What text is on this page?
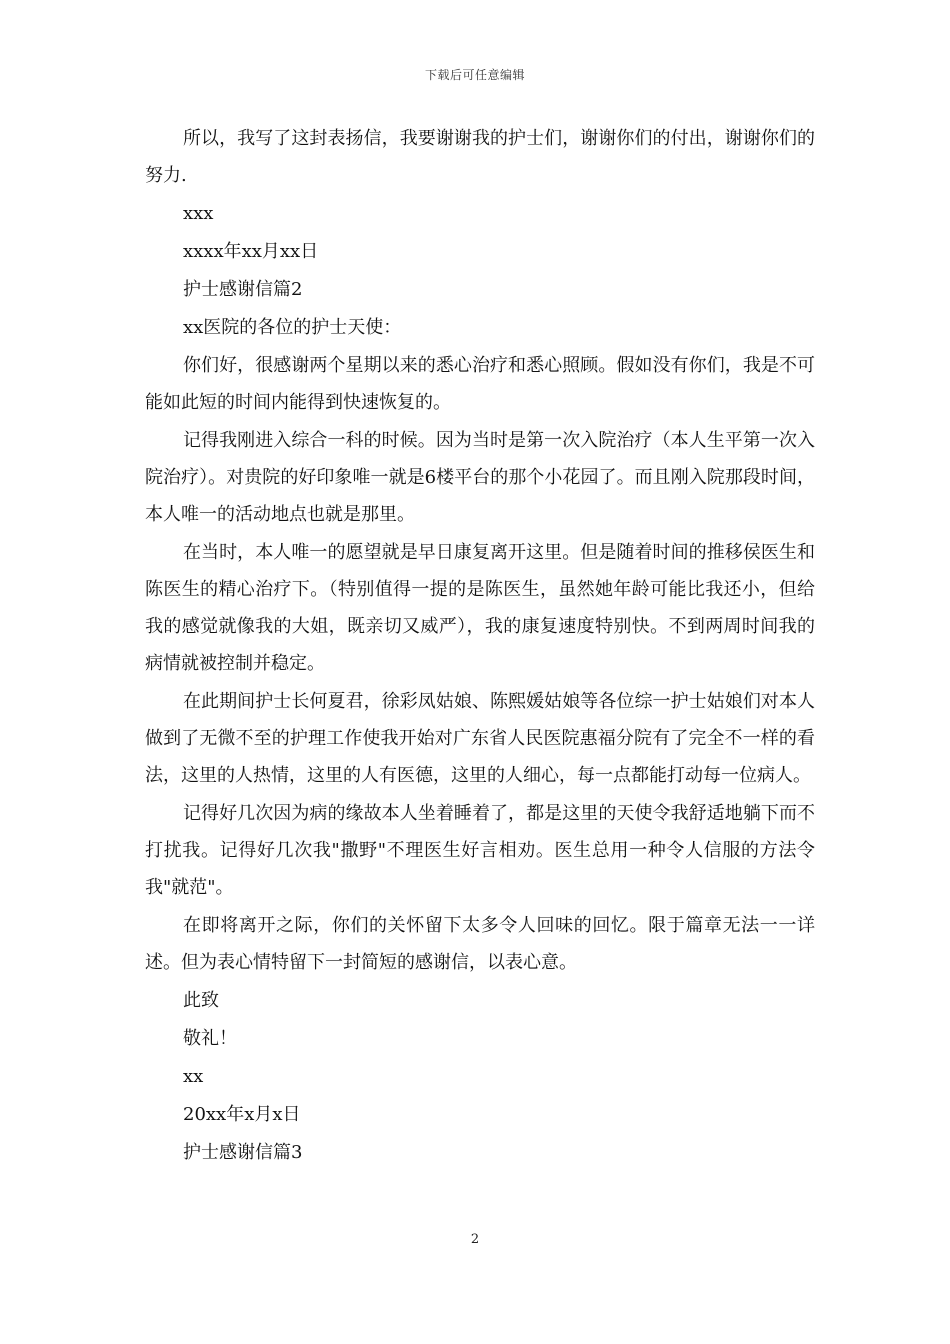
下载后可任意编辑

所以，我写了这封表扬信，我要谢谢我的护士们，谢谢你们的付出，谢谢你们的努力.

xxx

xxxx年xx月xx日

护士感谢信篇2

xx医院的各位的护士天使：

你们好，很感谢两个星期以来的悉心治疗和悉心照顾。假如没有你们，我是不可能如此短的时间内能得到快速恢复的。

记得我刚进入综合一科的时候。因为当时是第一次入院治疗（本人生平第一次入院治疗）。对贵院的好印象唯一就是6楼平台的那个小花园了。而且刚入院那段时间，本人唯一的活动地点也就是那里。

在当时，本人唯一的愿望就是早日康复离开这里。但是随着时间的推移侯医生和陈医生的精心治疗下。（特别值得一提的是陈医生，虽然她年龄可能比我还小，但给我的感觉就像我的大姐，既亲切又威严），我的康复速度特别快。不到两周时间我的病情就被控制并稳定。

在此期间护士长何夏君，徐彩凤姑娘、陈熙媛姑娘等各位综一护士姑娘们对本人做到了无微不至的护理工作使我开始对广东省人民医院惠福分院有了完全不一样的看法，这里的人热情，这里的人有医德，这里的人细心，每一点都能打动每一位病人。

记得好几次因为病的缘故本人坐着睡着了，都是这里的天使令我舒适地躺下而不打扰我。记得好几次我"撒野"不理医生好言相劝。医生总用一种令人信服的方法令我"就范"。

在即将离开之际，你们的关怀留下太多令人回味的回忆。限于篇章无法一一详述。但为表心情特留下一封简短的感谢信，以表心意。

此致

敬礼！

xx

20xx年x月x日

护士感谢信篇3

2
